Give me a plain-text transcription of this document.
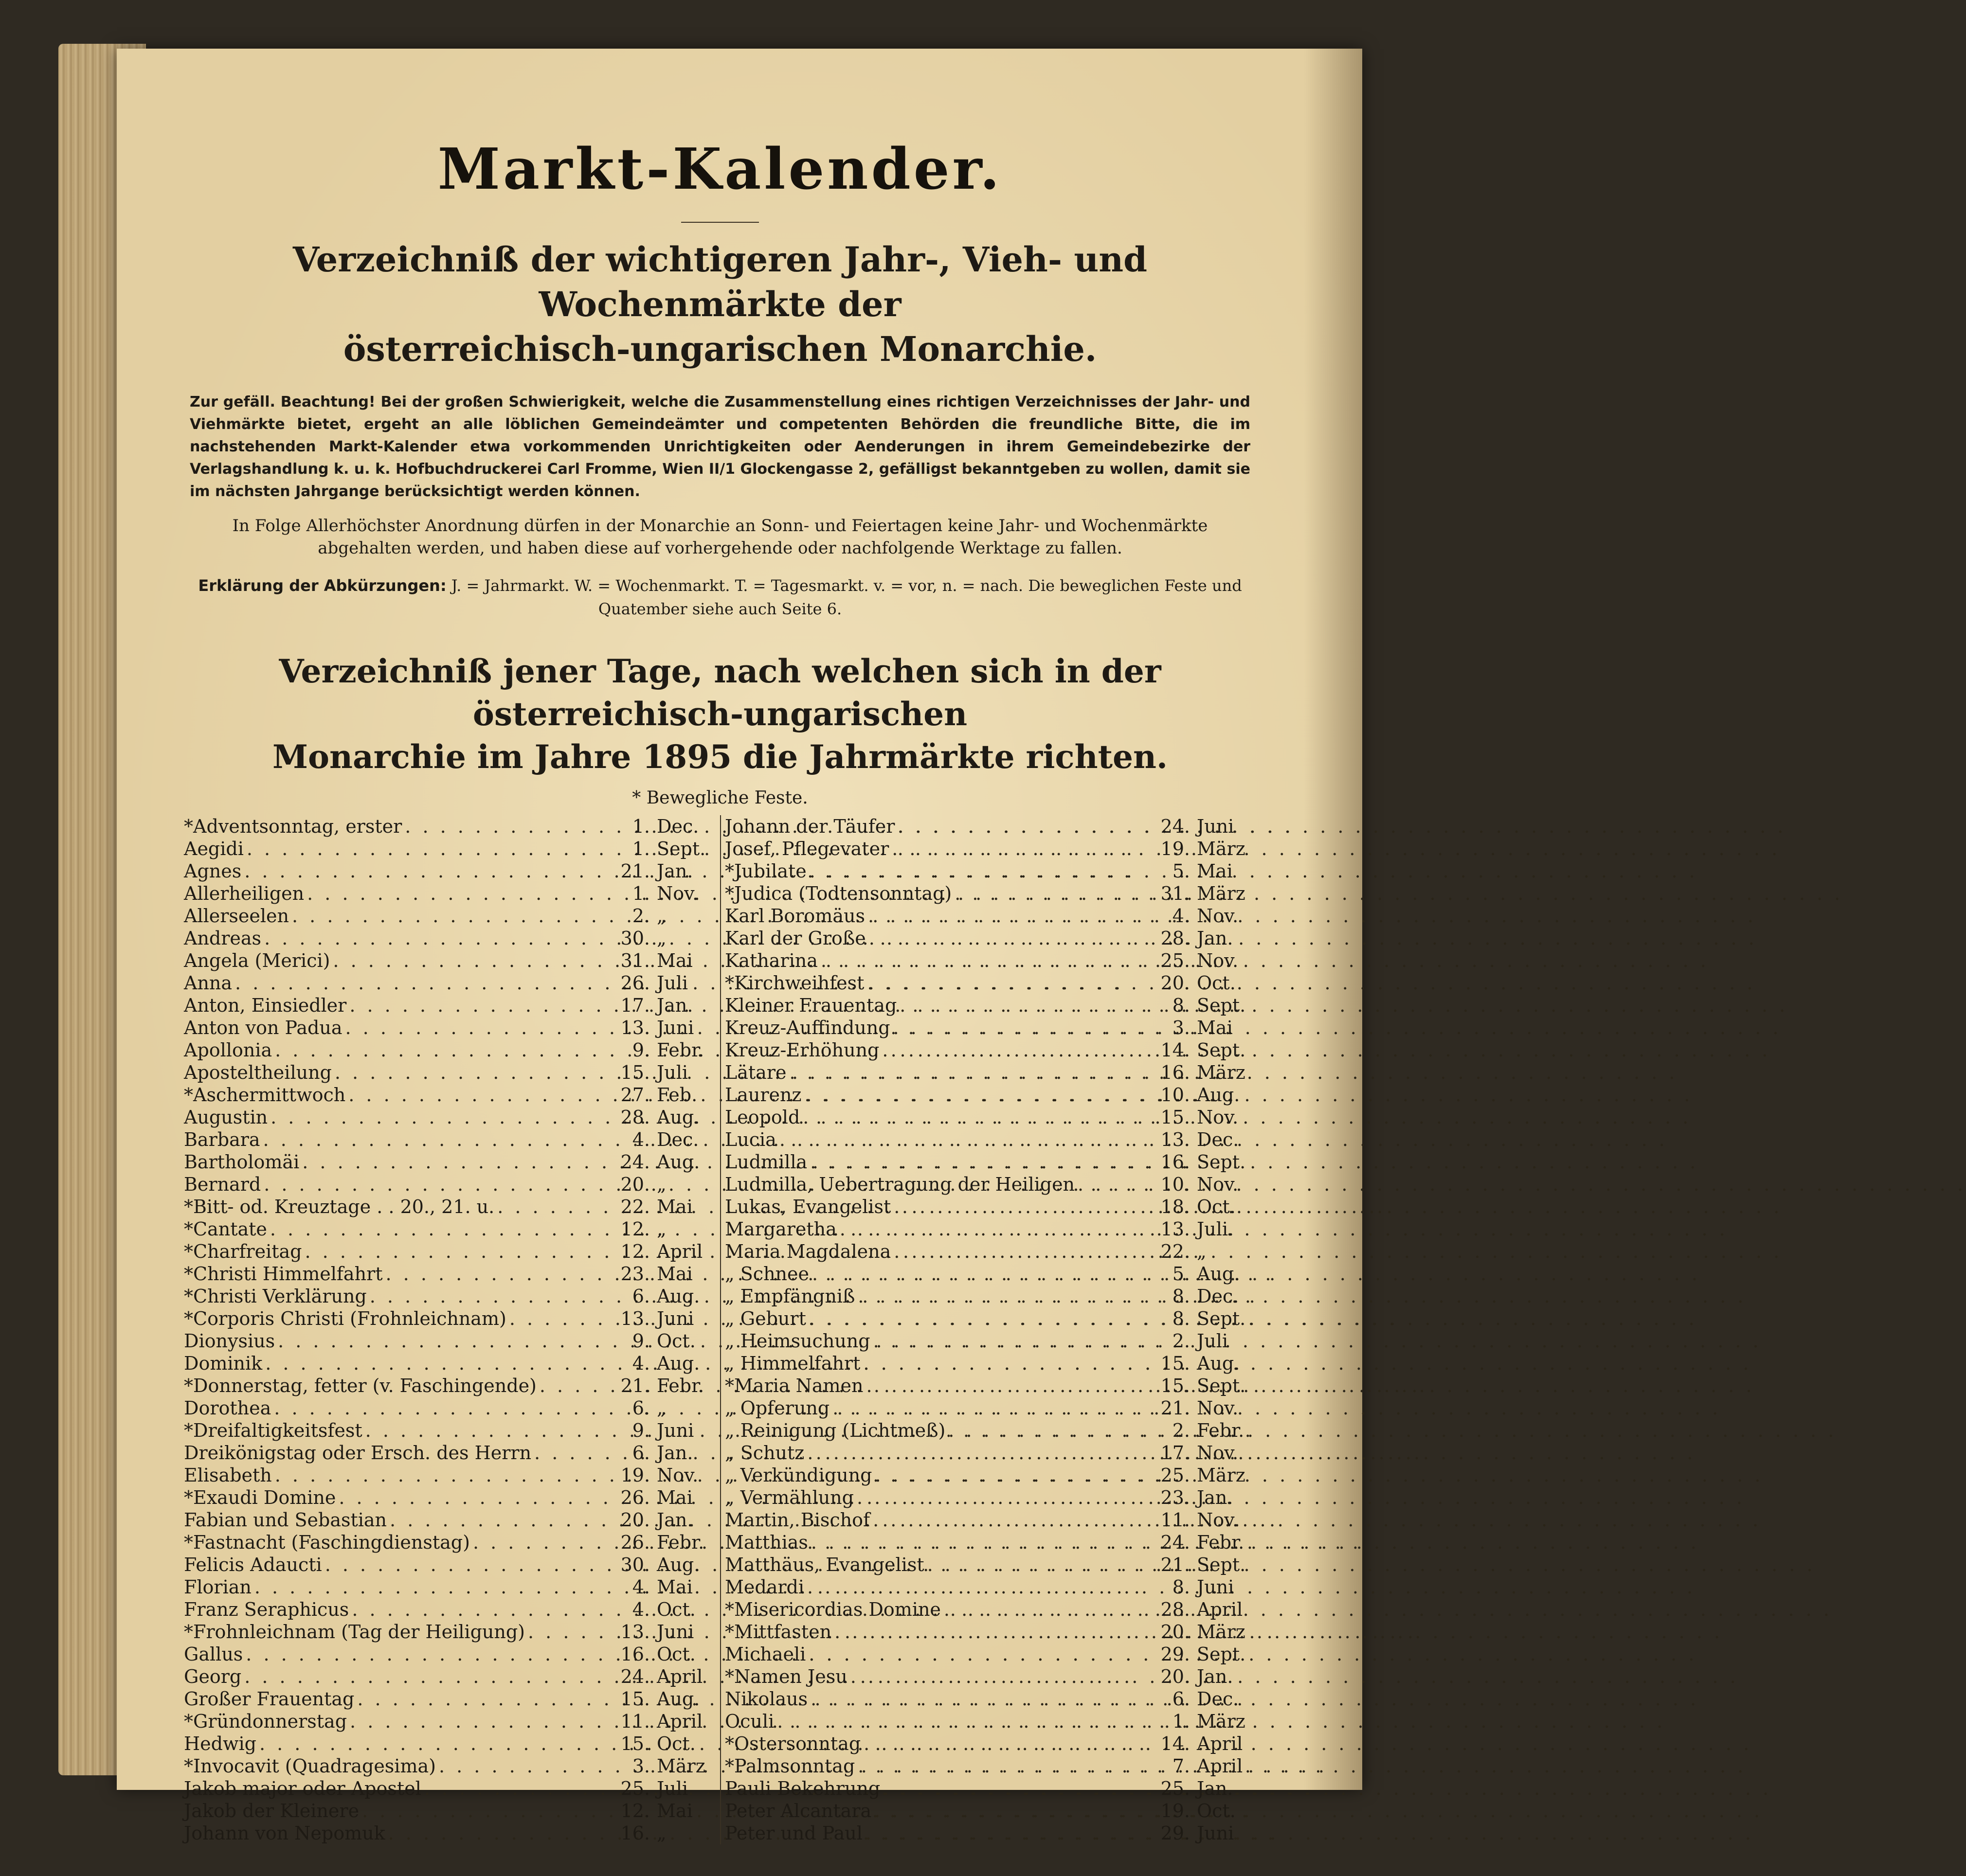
Markt-Kalender.
Verzeichniß der wichtigeren Jahr-, Vieh- und Wochenmärkte der
österreichisch-ungarischen Monarchie.

Zur gefäll. Beachtung! Bei der großen Schwierigkeit, welche die Zusammenstellung eines richtigen Verzeichnisses der Jahr- und Viehmärkte bietet, ergeht an alle löblichen Gemeindeämter und competenten Behörden die freundliche Bitte, die im nachstehenden Markt-Kalender etwa vorkommenden Unrichtigkeiten oder Aenderungen in ihrem Gemeindebezirke der Verlagshandlung k. u. k. Hofbuchdruckerei Carl Fromme, Wien II/1 Glockengasse 2, gefälligst bekanntgeben zu wollen, damit sie im nächsten Jahrgange berücksichtigt werden können.

In Folge Allerhöchster Anordnung dürfen in der Monarchie an Sonn- und Feiertagen keine Jahr- und Wochenmärkte abgehalten werden, und haben diese auf vorhergehende oder nachfolgende Werktage zu fallen.

Erklärung der Abkürzungen: J. = Jahrmarkt. W. = Wochenmarkt. T. = Tagesmarkt. v. = vor, n. = nach. Die beweglichen Feste und Quatember siehe auch Seite 6.

Verzeichniß jener Tage, nach welchen sich in der österreichisch-ungarischen
Monarchie im Jahre 1895 die Jahrmärkte richten.
* Bewegliche Feste.
*Adventsonntag, erster . . .	1. Dec.
Aegidi . . .	1. Sept.
Agnes . . .	21. Jan.
Allerheiligen . . .	1. Nov.
Allerseelen . . .	2. „
Andreas . . .	30. „
Angela (Merici) . . .	31. Mai
Anna . . .	26. Juli
Anton, Einsiedler . . .	17. Jan.
Anton von Padua . . .	13. Juni
Apollonia . . .	9. Febr.
Aposteltheilung . . .	15. Juli
*Aschermittwoch . . .	27. Feb.
Augustin . . .	28. Aug.
Barbara . . .	4. Dec.
Bartholomäi . . .	24. Aug.
Bernard . . .	20. „
*Bitt- od. Kreuztage . . 20., 21. u. . . .	22. Mai
*Cantate . . .	12. „
*Charfreitag . . .	12. April
*Christi Himmelfahrt . . .	23. Mai
*Christi Verklärung . . .	6. Aug.
*Corporis Christi (Frohnleichnam) . . .	13. Juni
Dionysius . . .	9. Oct.
Dominik . . .	4. Aug.
*Donnerstag, fetter (v. Faschingende) . . .	21. Febr.
Dorothea . . .	6. „
*Dreifaltigkeitsfest . . .	9. Juni
Dreikönigstag oder Ersch. des Herrn . . .	6. Jan.
Elisabeth . . .	19. Nov.
*Exaudi Domine . . .	26. Mai
Fabian und Sebastian . . .	20. Jan.
*Fastnacht (Faschingdienstag) . . .	26. Febr.
Felicis Adaucti . . .	30. Aug.
Florian . . .	4. Mai
Franz Seraphicus . . .	4. Oct.
*Frohnleichnam (Tag der Heiligung) . . .	13. Juni
Gallus . . .	16. Oct.
Georg . . .	24. April
Großer Frauentag . . .	15. Aug.
*Gründonnerstag . . .	11. April
Hedwig . . .	15. Oct.
*Invocavit (Quadragesima) . . .	3. März
Jakob major oder Apostel . . .	25. Juli
Jakob der Kleinere . . .	12. Mai
Johann von Nepomuk . . .	16. „
Johann der Täufer . . .	24. Juni
Josef, Pflegevater . . .	19. März
*Jubilate . . .	5. Mai
*Judica (Todtensonntag) . . .	31. März
Karl Boromäus . . .	4. Nov.
Karl der Große . . .	28. Jan.
Katharina . . .	25. Nov.
*Kirchweihfest . . .	20. Oct.
Kleiner Frauentag . . .	8. Sept.
Kreuz-Auffindung . . .	3. Mai
Kreuz-Erhöhung . . .	14. Sept.
Lätare . . .	16. März
Laurenz . . .	10. Aug.
Leopold . . .	15. Nov.
Lucia . . .	13. Dec.
Ludmilla . . .	16. Sept.
Ludmilla, Uebertragung der Heiligen . . .	10. Nov.
Lukas, Evangelist . . .	18. Oct.
Margaretha . . .	13. Juli.
Maria Magdalena . . .	22. „
„ Schnee . . .	5. Aug.
„ Empfängniß . . .	8. Dec.
„ Geburt . . .	8. Sept.
„ Heimsuchung . . .	2. Juli
„ Himmelfahrt . . .	15. Aug.
*Maria Namen . . .	15. Sept.
„ Opferung . . .	21. Nov.
„ Reinigung (Lichtmeß) . . .	2. Febr.
„ Schutz . . .	17. Nov.
„ Verkündigung . . .	25. März
„ Vermählung . . .	23. Jan.
Martin, Bischof . . .	11. Nov.
Matthias . . .	24. Febr.
Matthäus, Evangelist . . .	21. Sept.
Medardi . . .	8. Juni
*Misericordias Domine . . .	28. April
*Mittfasten . . .	20. März
Michaeli . . .	29. Sept.
*Namen Jesu . . .	20. Jan.
Nikolaus . . .	6. Dec.
Oculi . . .	1. März
*Ostersonntag . . .	14. April
*Palmsonntag . . .	7. April
Pauli Bekehrung . . .	25. Jan.
Peter Alcantara . . .	19. Oct.
Peter und Paul . . .	29. Juni
